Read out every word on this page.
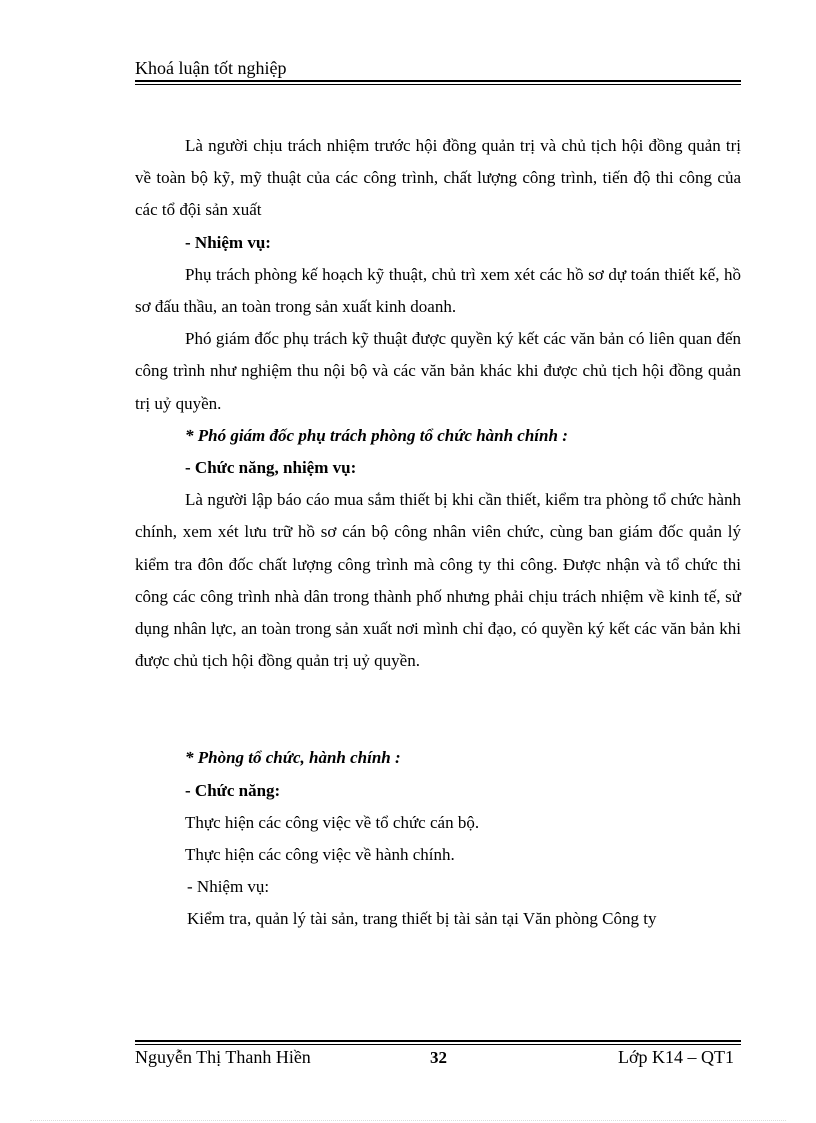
Khoá luận tốt nghiệp

Là người chịu trách nhiệm trước hội đồng quản trị và chủ tịch hội đồng quản trị về toàn bộ kỹ, mỹ thuật của các công trình, chất lượng công trình, tiến độ thi công của các tổ đội sản xuất

- Nhiệm vụ:

Phụ trách phòng kế hoạch kỹ thuật, chủ trì xem xét các hồ sơ dự toán thiết kế, hồ sơ đấu thầu, an toàn trong sản xuất kinh doanh.

Phó giám đốc phụ trách kỹ thuật được quyền ký kết các văn bản có liên quan đến công trình như nghiệm thu nội bộ và các văn bản khác khi được chủ tịch hội đồng quản trị uỷ quyền.

* Phó giám đốc phụ trách phòng tổ chức hành chính :

- Chức năng, nhiệm vụ:

Là người lập báo cáo mua sắm thiết bị khi cần thiết, kiểm tra phòng tổ chức hành chính, xem xét lưu trữ hồ sơ cán bộ công nhân viên chức, cùng ban giám đốc quản lý kiểm tra đôn đốc chất lượng công trình mà công ty thi công. Được nhận và tổ chức thi công các công trình nhà dân trong thành phố nhưng phải chịu trách nhiệm về kinh tế, sử dụng nhân lực, an toàn trong sản xuất nơi mình chỉ đạo, có quyền ký kết các văn bản khi được chủ tịch hội đồng quản trị uỷ quyền.

* Phòng tổ chức, hành chính :

- Chức năng:

Thực hiện các công việc về tổ chức cán bộ.

Thực hiện các công việc về hành chính.

- Nhiệm vụ:

Kiểm tra, quản lý tài sản, trang thiết bị tài sản tại Văn phòng Công ty

Nguyễn Thị Thanh Hiền	32	Lớp K14 – QT1
